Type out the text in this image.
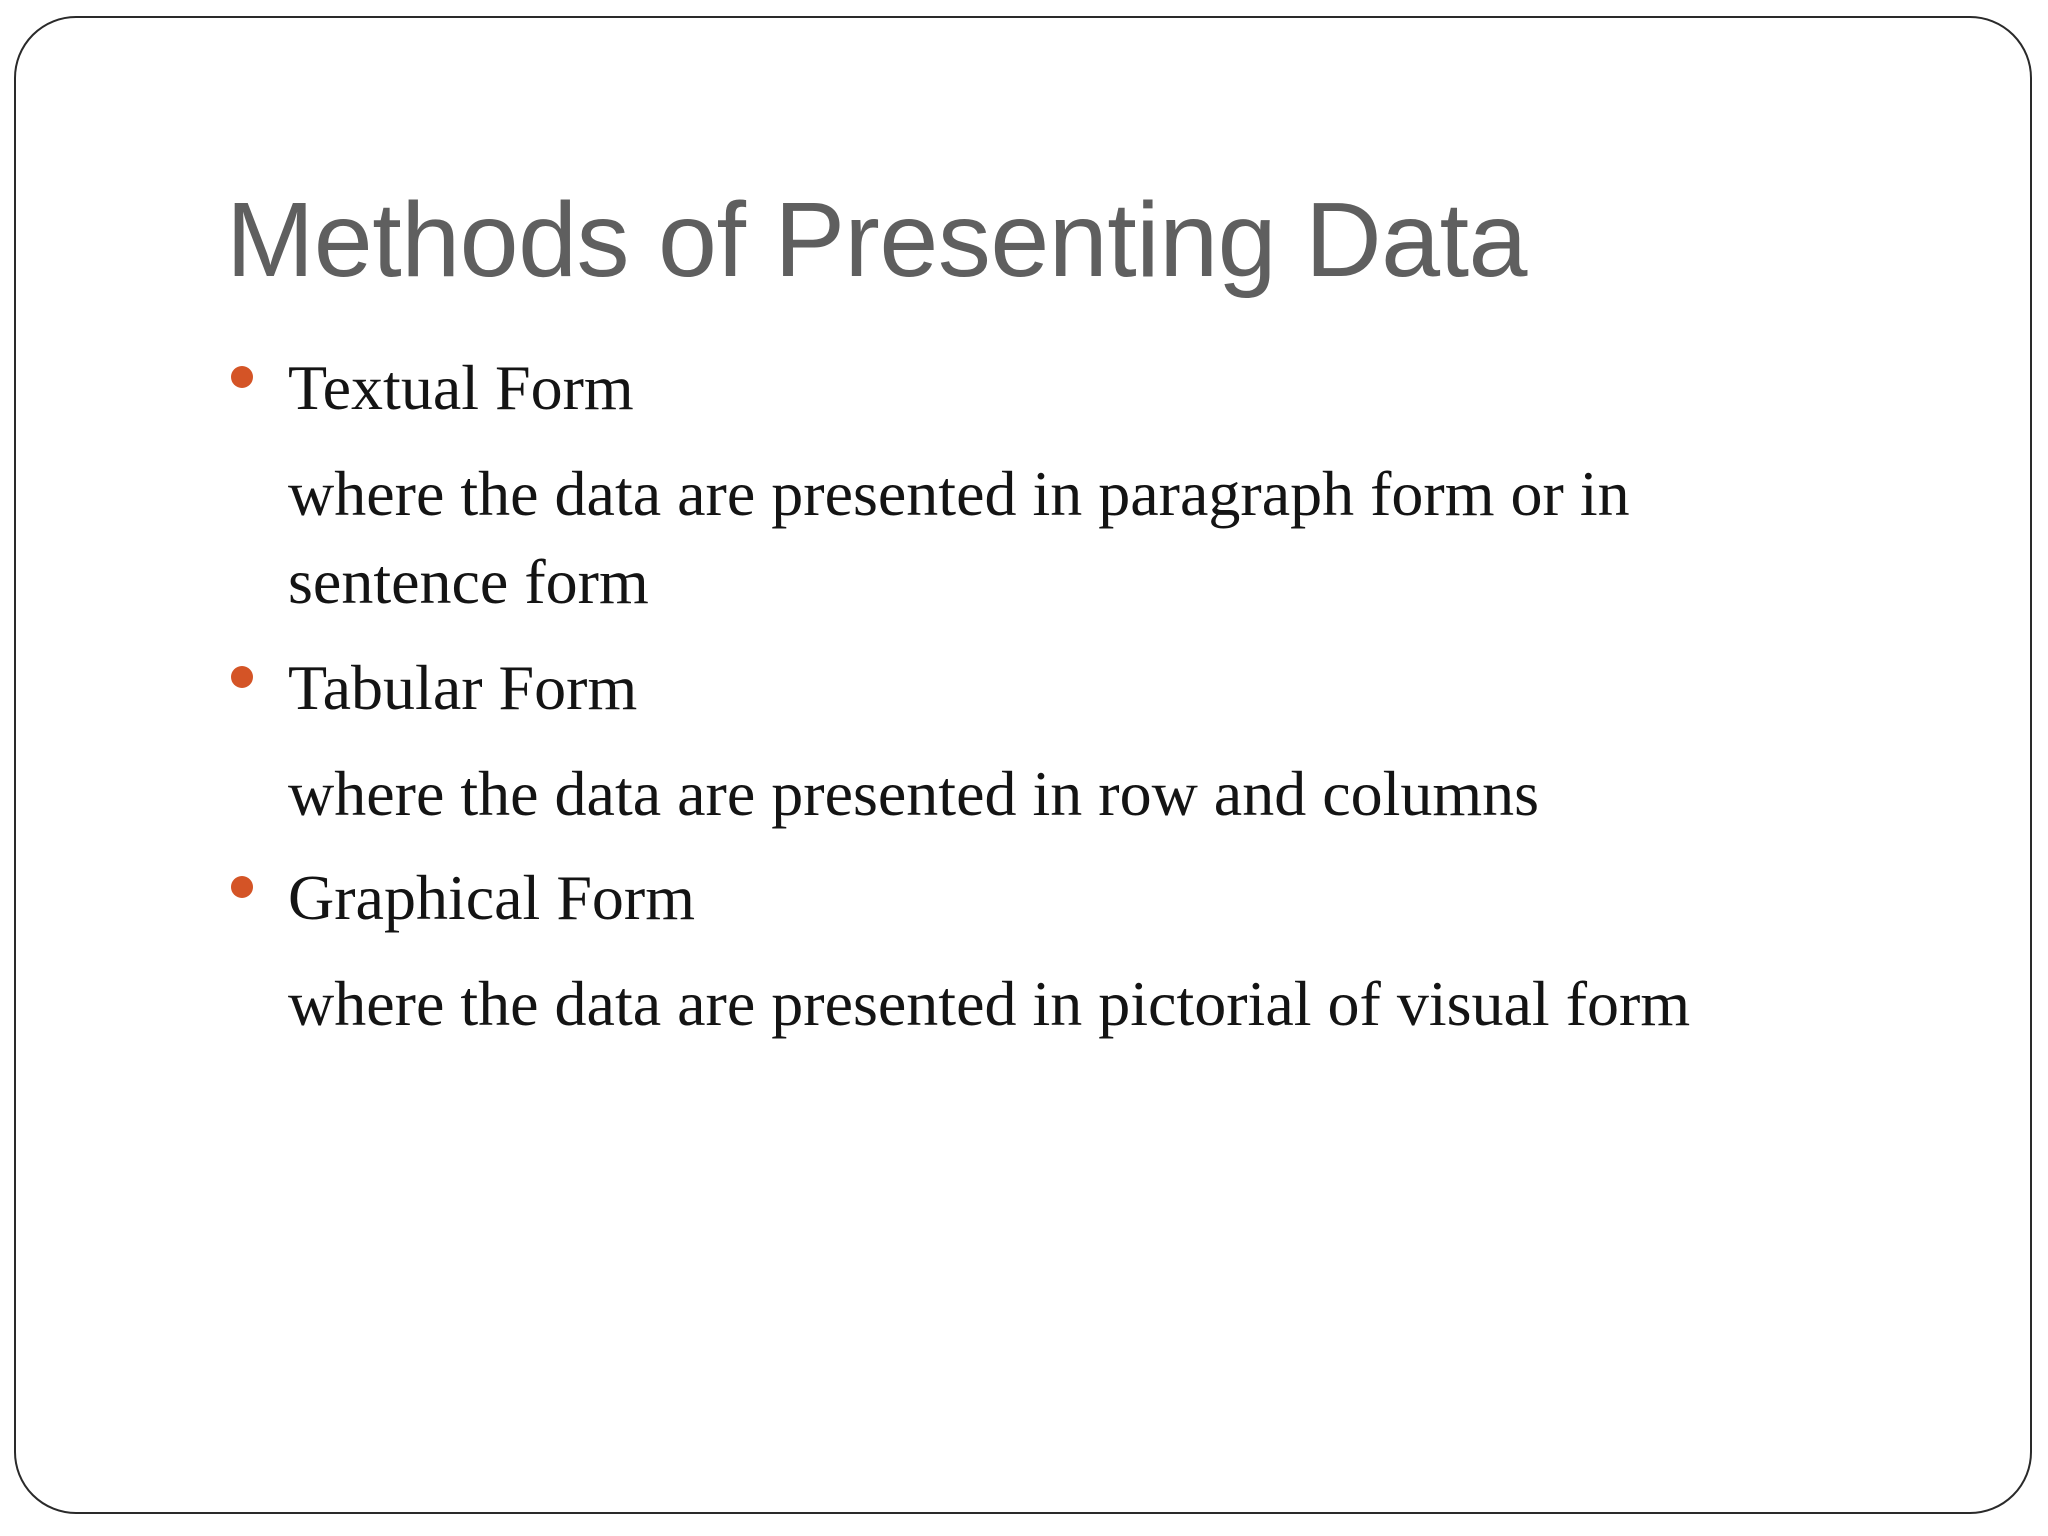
Methods of Presenting Data
Textual Form
where the data are presented in paragraph form or in sentence form
Tabular Form
where the data are presented in row and columns
Graphical Form
where the data are presented in pictorial of visual form
